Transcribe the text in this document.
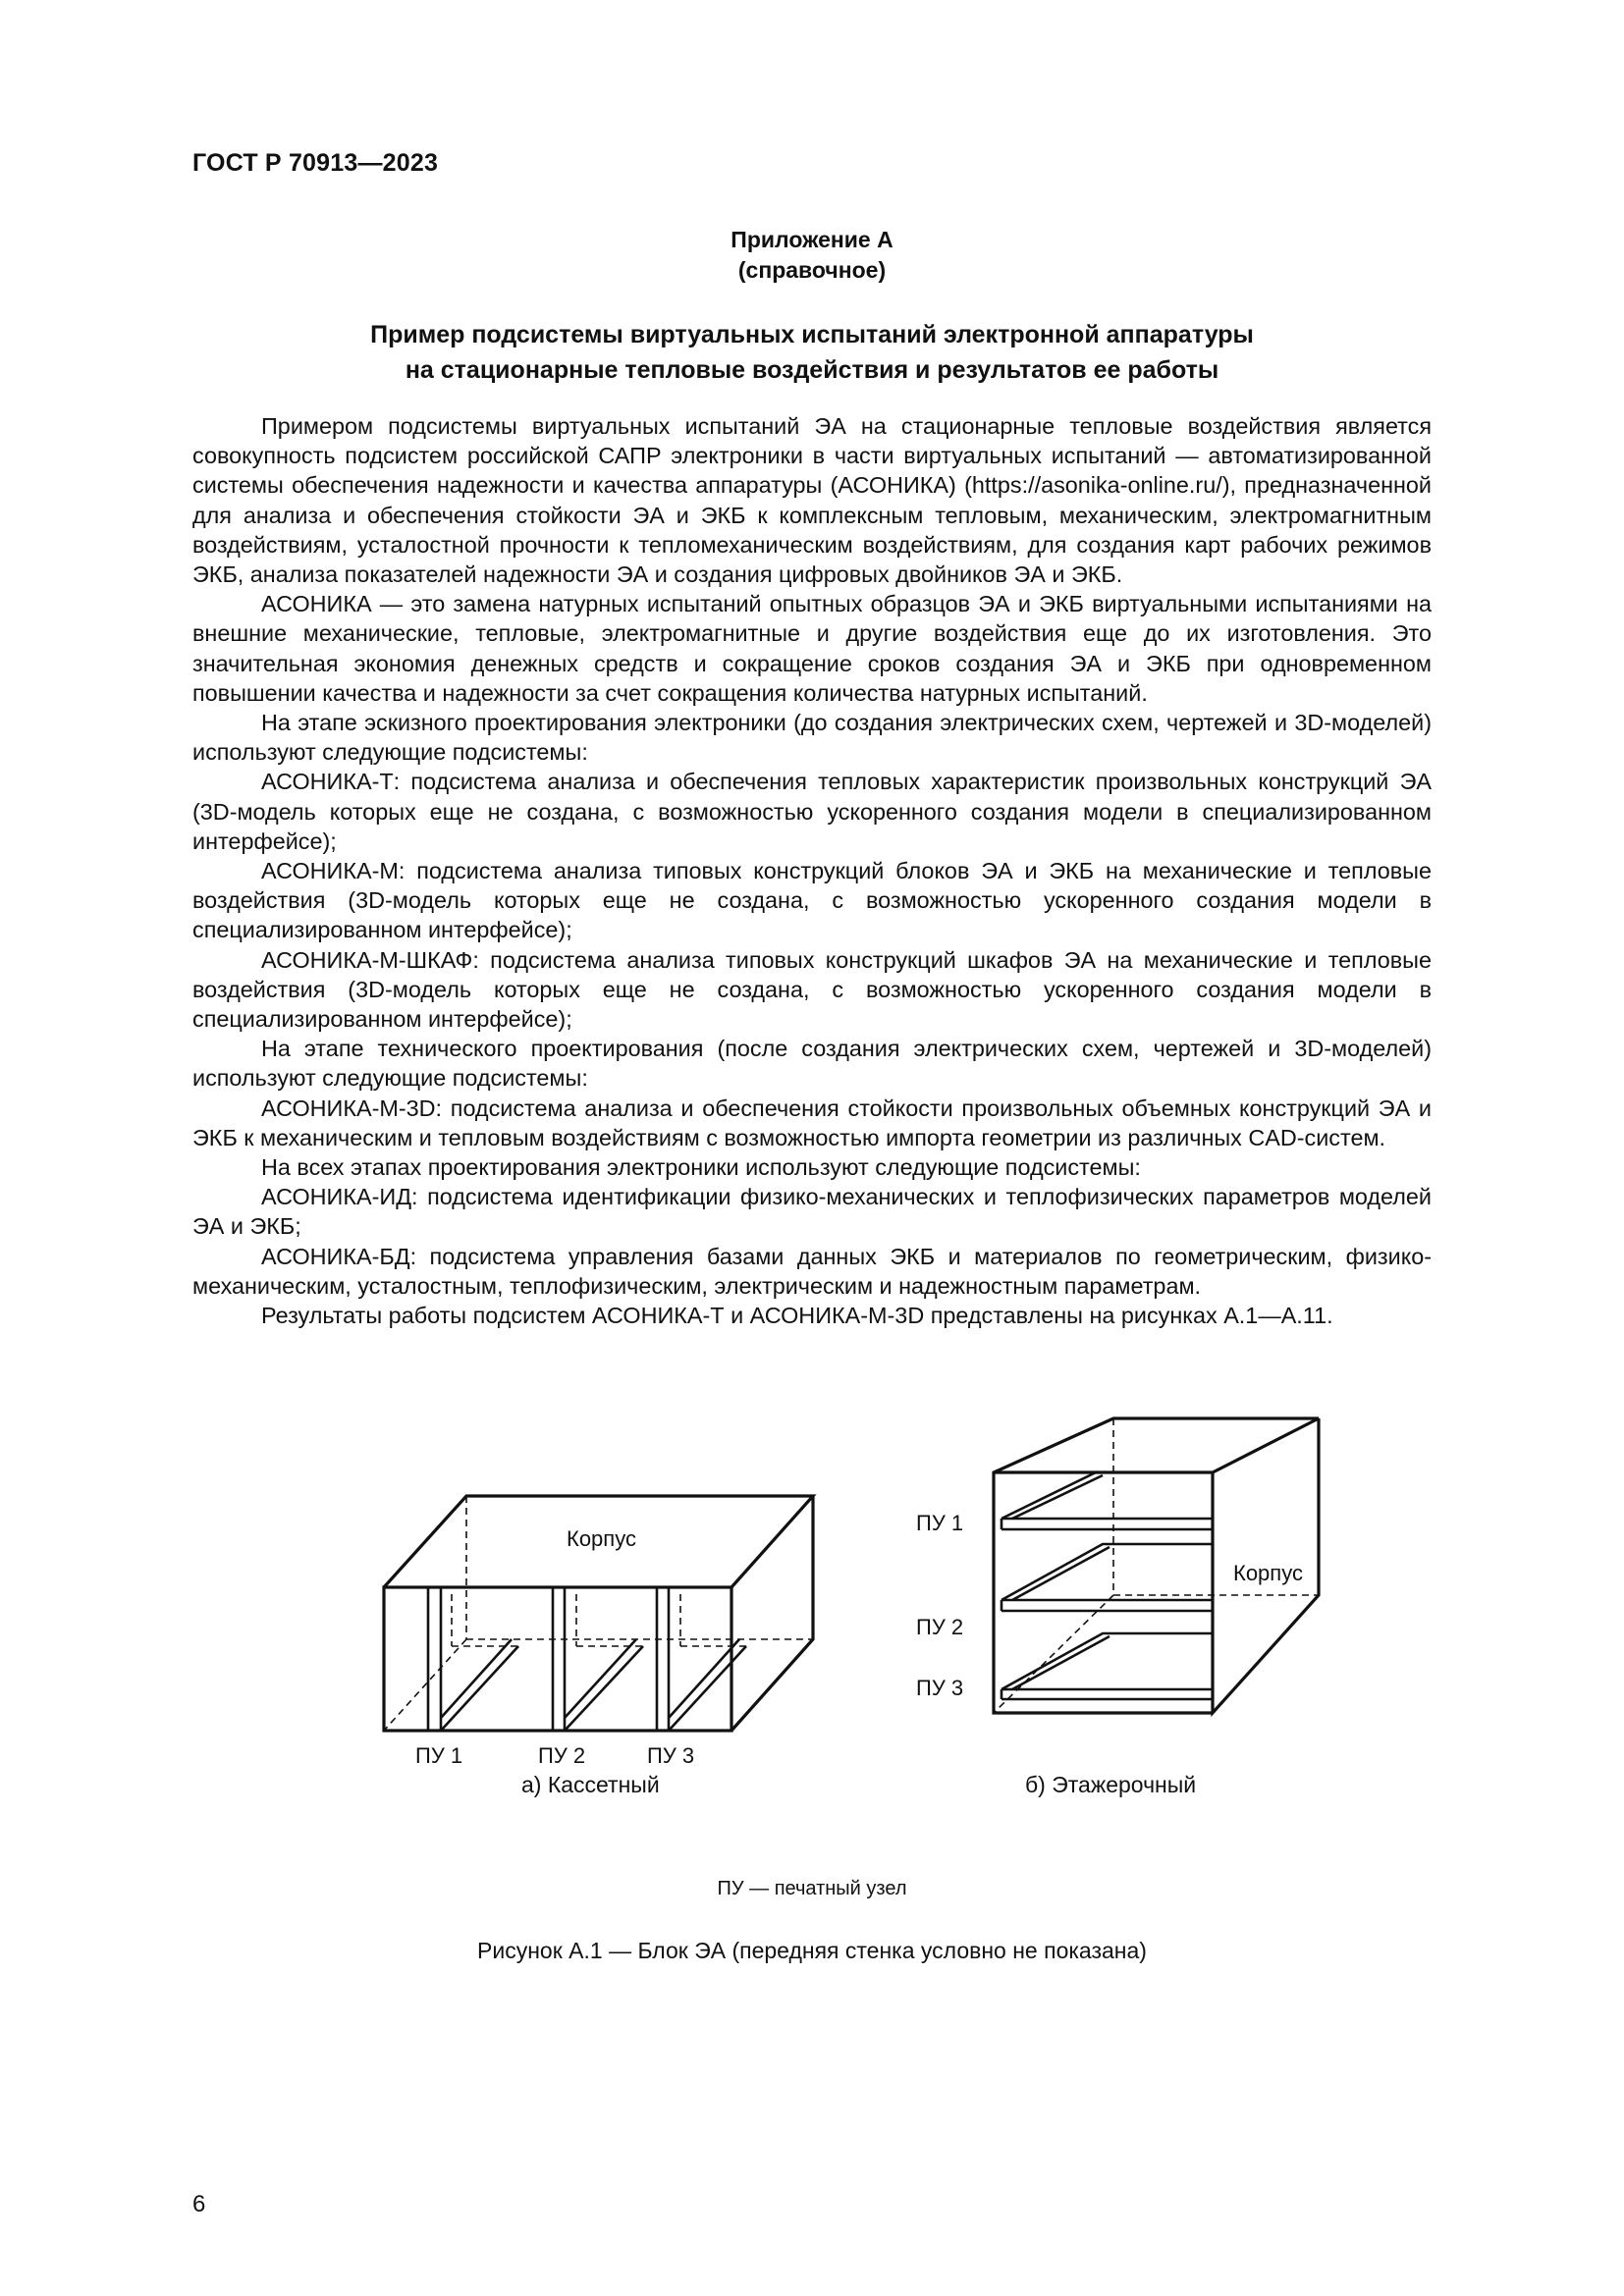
ГОСТ Р 70913—2023
Приложение А
(справочное)
Пример подсистемы виртуальных испытаний электронной аппаратуры
на стационарные тепловые воздействия и результатов ее работы

Примером подсистемы виртуальных испытаний ЭА на стационарные тепловые воздействия является совокупность подсистем российской САПР электроники в части виртуальных испытаний — автоматизированной системы обеспечения надежности и качества аппаратуры (АСОНИКА) (https://asonika-online.ru/), предназначенной для анализа и обеспечения стойкости ЭА и ЭКБ к комплексным тепловым, механическим, электромагнитным воздействиям, усталостной прочности к тепломеханическим воздействиям, для создания карт рабочих режимов ЭКБ, анализа показателей надежности ЭА и создания цифровых двойников ЭА и ЭКБ.

АСОНИКА — это замена натурных испытаний опытных образцов ЭА и ЭКБ виртуальными испытаниями на внешние механические, тепловые, электромагнитные и другие воздействия еще до их изготовления. Это значительная экономия денежных средств и сокращение сроков создания ЭА и ЭКБ при одновременном повышении качества и надежности за счет сокращения количества натурных испытаний.

На этапе эскизного проектирования электроники (до создания электрических схем, чертежей и 3D-моделей) используют следующие подсистемы:

АСОНИКА-Т: подсистема анализа и обеспечения тепловых характеристик произвольных конструкций ЭА (3D-модель которых еще не создана, с возможностью ускоренного создания модели в специализированном интерфейсе);

АСОНИКА-М: подсистема анализа типовых конструкций блоков ЭА и ЭКБ на механические и тепловые воздействия (3D-модель которых еще не создана, с возможностью ускоренного создания модели в специализированном интерфейсе);

АСОНИКА-М-ШКАФ: подсистема анализа типовых конструкций шкафов ЭА на механические и тепловые воздействия (3D-модель которых еще не создана, с возможностью ускоренного создания модели в специализированном интерфейсе);

На этапе технического проектирования (после создания электрических схем, чертежей и 3D-моделей) используют следующие подсистемы:

АСОНИКА-М-3D: подсистема анализа и обеспечения стойкости произвольных объемных конструкций ЭА и ЭКБ к механическим и тепловым воздействиям с возможностью импорта геометрии из различных CAD-систем.

На всех этапах проектирования электроники используют следующие подсистемы:

АСОНИКА-ИД: подсистема идентификации физико-механических и теплофизических параметров моделей ЭА и ЭКБ;

АСОНИКА-БД: подсистема управления базами данных ЭКБ и материалов по геометрическим, физико-механическим, усталостным, теплофизическим, электрическим и надежностным параметрам.

Результаты работы подсистем АСОНИКА-Т и АСОНИКА-М-3D представлены на рисунках А.1—А.11.

Корпус
ПУ 1	ПУ 2	ПУ 3
а) Кассетный
Корпус
ПУ 1
ПУ 2
ПУ 3
б) Этажерочный
ПУ — печатный узел
Рисунок А.1 — Блок ЭА (передняя стенка условно не показана)
6
